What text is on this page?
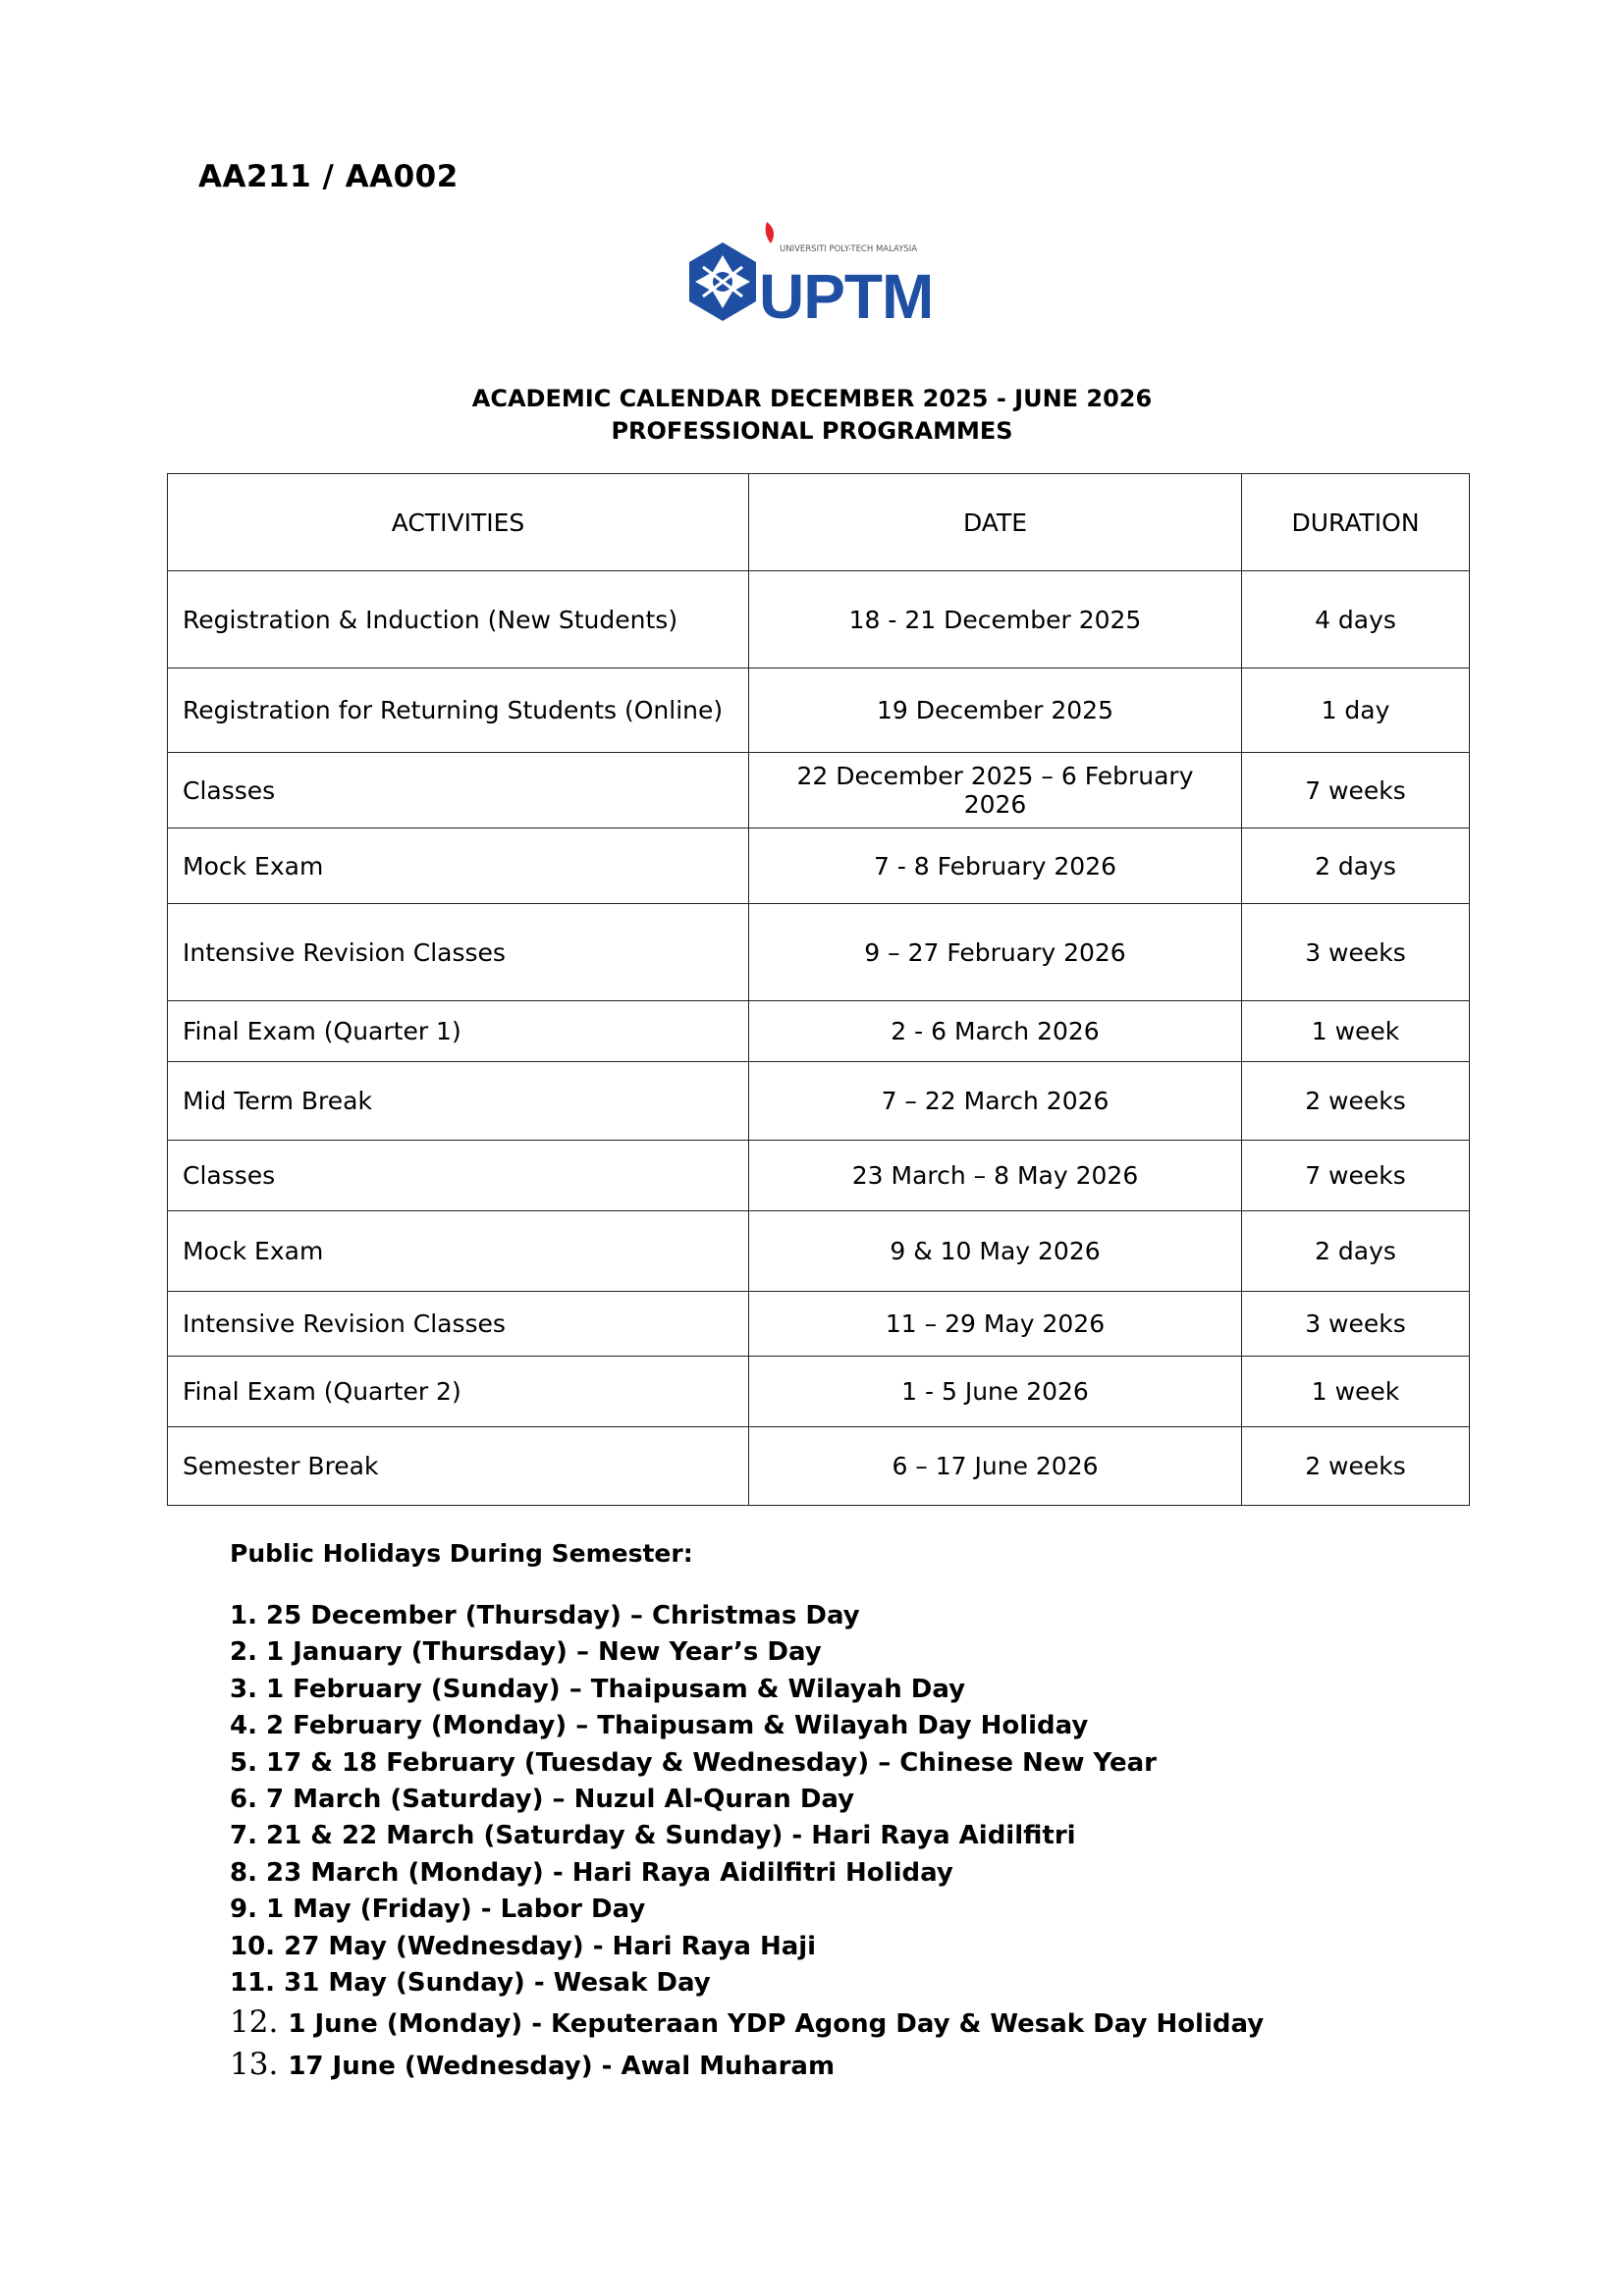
AA211 / AA002
UNIVERSITI POLY-TECH MALAYSIA
UPTM
ACADEMIC CALENDAR DECEMBER 2025 - JUNE 2026
PROFESSIONAL PROGRAMMES
ACTIVITIES	DATE	DURATION
Registration & Induction (New Students)	18 - 21 December 2025	4 days
Registration for Returning Students (Online)	19 December 2025	1 day
Classes	22 December 2025 – 6 February 2026	7 weeks
Mock Exam	7 - 8 February 2026	2 days
Intensive Revision Classes	9 – 27 February 2026	3 weeks
Final Exam (Quarter 1)	2 - 6 March 2026	1 week
Mid Term Break	7 – 22 March 2026	2 weeks
Classes	23 March – 8 May 2026	7 weeks
Mock Exam	9 & 10 May 2026	2 days
Intensive Revision Classes	11 – 29 May 2026	3 weeks
Final Exam (Quarter 2)	1 - 5 June 2026	1 week
Semester Break	6 – 17 June 2026	2 weeks
Public Holidays During Semester:
1. 25 December (Thursday) – Christmas Day
2. 1 January (Thursday) – New Year’s Day
3. 1 February (Sunday) – Thaipusam & Wilayah Day
4. 2 February (Monday) – Thaipusam & Wilayah Day Holiday
5. 17 & 18 February (Tuesday & Wednesday) – Chinese New Year
6. 7 March (Saturday) – Nuzul Al-Quran Day
7. 21 & 22 March (Saturday & Sunday) - Hari Raya Aidilfitri
8. 23 March (Monday) - Hari Raya Aidilfitri Holiday
9. 1 May (Friday) - Labor Day
10. 27 May (Wednesday) - Hari Raya Haji
11. 31 May (Sunday) - Wesak Day
12. 1 June (Monday) - Keputeraan YDP Agong Day & Wesak Day Holiday
13. 17 June (Wednesday) - Awal Muharam
